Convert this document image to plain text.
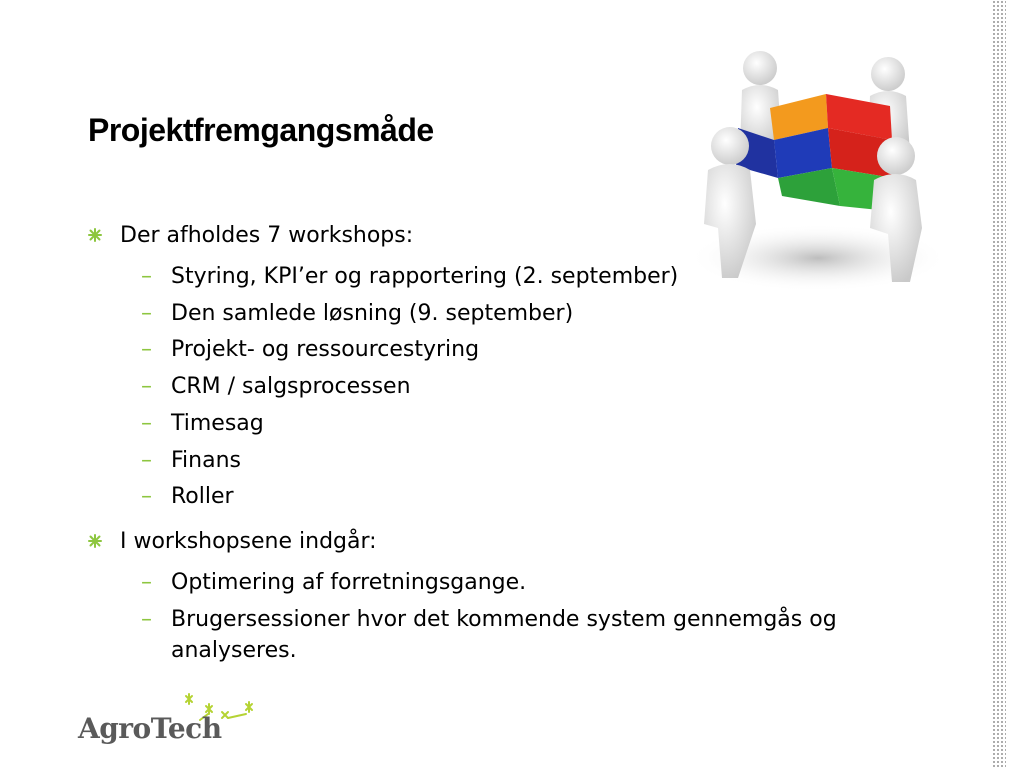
Projektfremgangsmåde
Der afholdes 7 workshops:
– Styring, KPI’er og rapportering (2. september)
– Den samlede løsning (9. september)
– Projekt- og ressourcestyring
– CRM / salgsprocessen
– Timesag
– Finans
– Roller
I workshopsene indgår:
– Optimering af forretningsgange.
– Brugersessioner hvor det kommende system gennemgås og analyseres.
AgroTech
